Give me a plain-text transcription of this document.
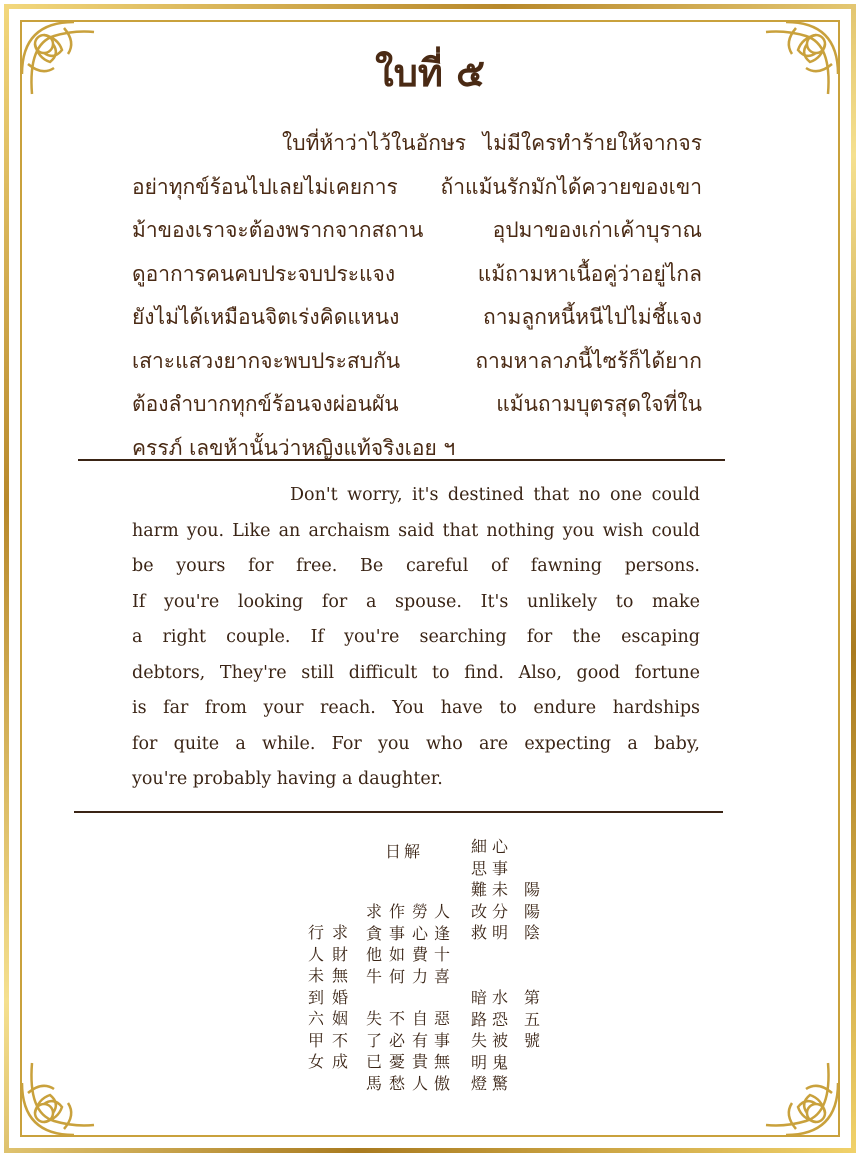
ใบที่ ๕
ใบที่ห้าว่าไว้ในอักษร ไม่มีใครทำร้ายให้จากจร
อย่าทุกข์ร้อนไปเลยไม่เคยการ ถ้าแม้นรักมักได้ควายของเขา
ม้าของเราจะต้องพรากจากสถาน อุปมาของเก่าเค้าบุราณ
ดูอาการคนคบประจบประแจง แม้ถามหาเนื้อคู่ว่าอยู่ไกล
ยังไม่ได้เหมือนจิตเร่งคิดแหนง ถามลูกหนี้หนีไปไม่ชี้แจง
เสาะแสวงยากจะพบประสบกัน ถามหาลาภนี้ไซร้ก็ได้ยาก
ต้องลำบากทุกข์ร้อนจงผ่อนผัน แม้นถามบุตรสุดใจที่ใน
ครรภ์ เลขห้านั้นว่าหญิงแท้จริงเอย ฯ
Don't worry, it's destined that no one could
harm you. Like an archaism said that nothing you wish could
be yours for free. Be careful of fawning persons.
If you're looking for a spouse. It's unlikely to make
a right couple. If you're searching for the escaping
debtors, They're still difficult to find. Also, good fortune
is far from your reach. You have to endure hardships
for quite a while. For you who are expecting a baby,
you're probably having a daughter.
日解
陽
陽
陰
心
事
未
分
明
細
思
難
改
救
第
五
號
水
恐
被
鬼
驚
暗
路
失
明
燈
人
逢
十
喜
勞
心
費
力
作
事
如
何
求
貪
他
牛
惡
事
無
傲
自
有
貴
人
不
必
憂
愁
失
了
已
馬
求
財
無
婚
姻
不
成
行
人
未
到
六
甲
女
